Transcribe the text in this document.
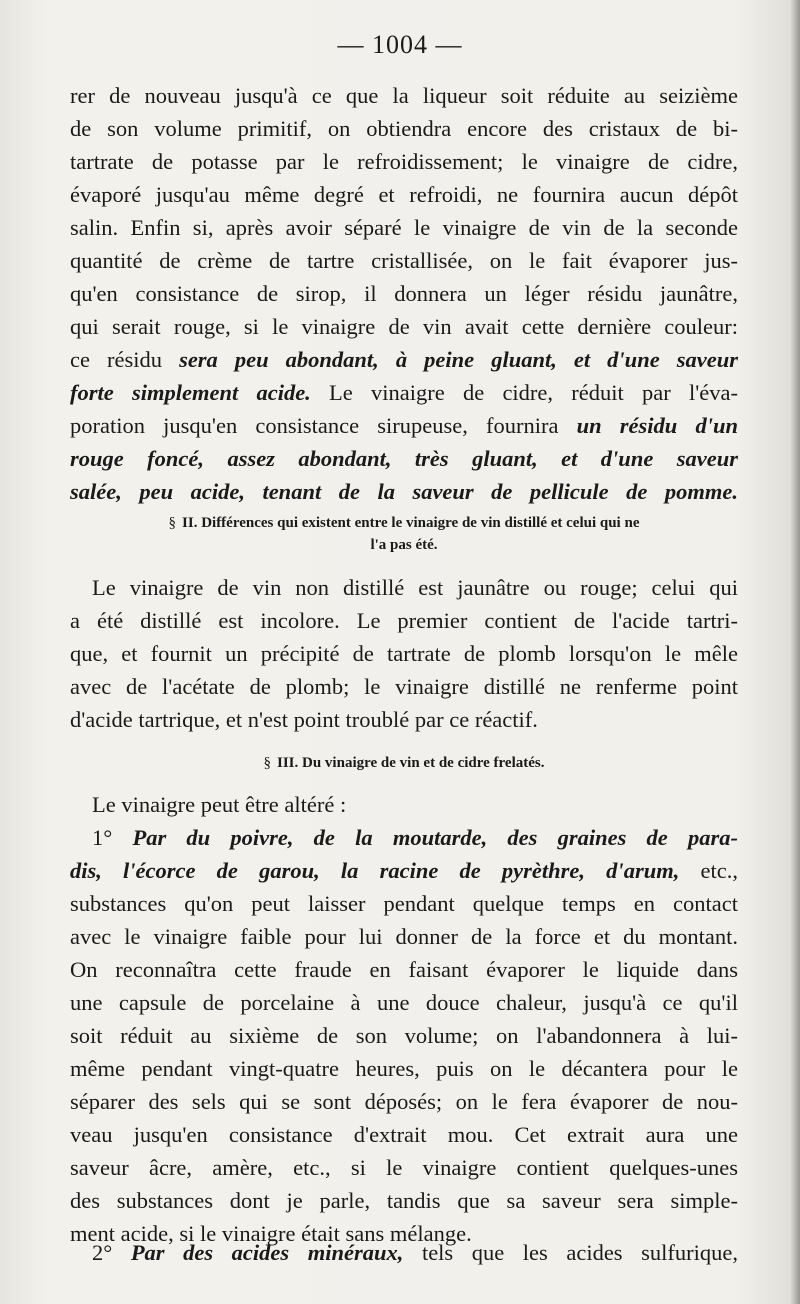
— 1004 —
rer de nouveau jusqu'à ce que la liqueur soit réduite au seizième
de son volume primitif, on obtiendra encore des cristaux de bi-
tartrate de potasse par le refroidissement; le vinaigre de cidre,
évaporé jusqu'au même degré et refroidi, ne fournira aucun dépôt
salin. Enfin si, après avoir séparé le vinaigre de vin de la seconde
quantité de crème de tartre cristallisée, on le fait évaporer jus-
qu'en consistance de sirop, il donnera un léger résidu jaunâtre,
qui serait rouge, si le vinaigre de vin avait cette dernière couleur:
ce résidu sera peu abondant, à peine gluant, et d'une saveur
forte simplement acide. Le vinaigre de cidre, réduit par l'éva-
poration jusqu'en consistance sirupeuse, fournira un résidu d'un
rouge foncé, assez abondant, très gluant, et d'une saveur
salée, peu acide, tenant de la saveur de pellicule de pomme.
§ II. Différences qui existent entre le vinaigre de vin distillé et celui qui ne
l'a pas été.
Le vinaigre de vin non distillé est jaunâtre ou rouge; celui qui
a été distillé est incolore. Le premier contient de l'acide tartri-
que, et fournit un précipité de tartrate de plomb lorsqu'on le mêle
avec de l'acétate de plomb; le vinaigre distillé ne renferme point
d'acide tartrique, et n'est point troublé par ce réactif.
§ III. Du vinaigre de vin et de cidre frelatés.
Le vinaigre peut être altéré :
1° Par du poivre, de la moutarde, des graines de para-
dis, l'écorce de garou, la racine de pyrèthre, d'arum, etc.,
substances qu'on peut laisser pendant quelque temps en contact
avec le vinaigre faible pour lui donner de la force et du montant.
On reconnaîtra cette fraude en faisant évaporer le liquide dans
une capsule de porcelaine à une douce chaleur, jusqu'à ce qu'il
soit réduit au sixième de son volume; on l'abandonnera à lui-
même pendant vingt-quatre heures, puis on le décantera pour le
séparer des sels qui se sont déposés; on le fera évaporer de nou-
veau jusqu'en consistance d'extrait mou. Cet extrait aura une
saveur âcre, amère, etc., si le vinaigre contient quelques-unes
des substances dont je parle, tandis que sa saveur sera simple-
ment acide, si le vinaigre était sans mélange.
2° Par des acides minéraux, tels que les acides sulfurique,
